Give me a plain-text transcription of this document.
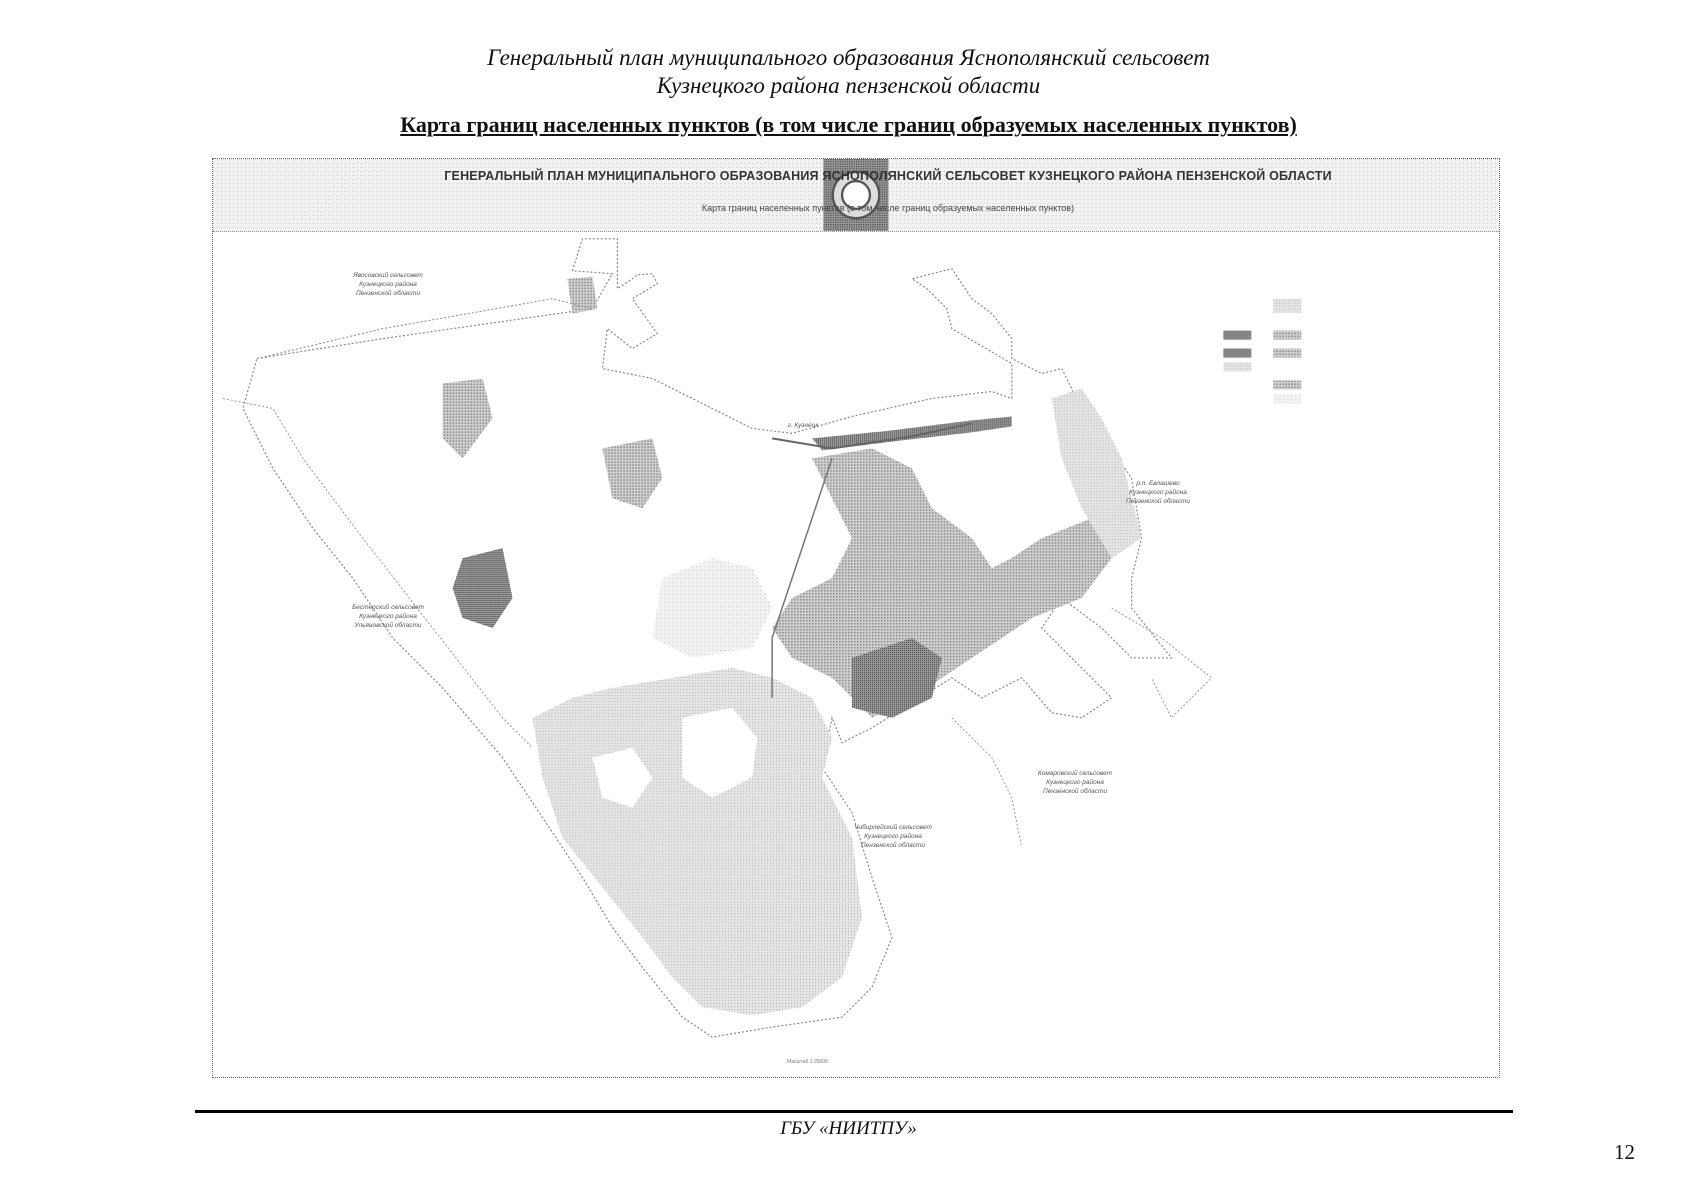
Генеральный план муниципального образования Яснополянский сельсовет
Кузнецкого района пензенской области
Карта границ населенных пунктов (в том числе границ образуемых населенных пунктов)
ГЕНЕРАЛЬНЫЙ ПЛАН МУНИЦИПАЛЬНОГО ОБРАЗОВАНИЯ ЯСНОПОЛЯНСКИЙ СЕЛЬСОВЕТ КУЗНЕЦКОГО РАЙОНА ПЕНЗЕНСКОЙ ОБЛАСТИ
Карта границ населенных пунктов (в том числе границ образуемых населенных пунктов)
Явосовский сельсовет
Кузнецкого района
Пензенской области
Бестерский сельсовет
Кузнецкого района
Ульяновской области
р.п. Евлашево
Кузнецкого района
Пензенской области
Комаровский сельсовет
Кузнецкого района
Пензенской области
Чибирлейский сельсовет
Кузнецкого района
Пензенской области
г. Кузнецк
Масштаб 1:25000
ГБУ «НИИТПУ»
12
